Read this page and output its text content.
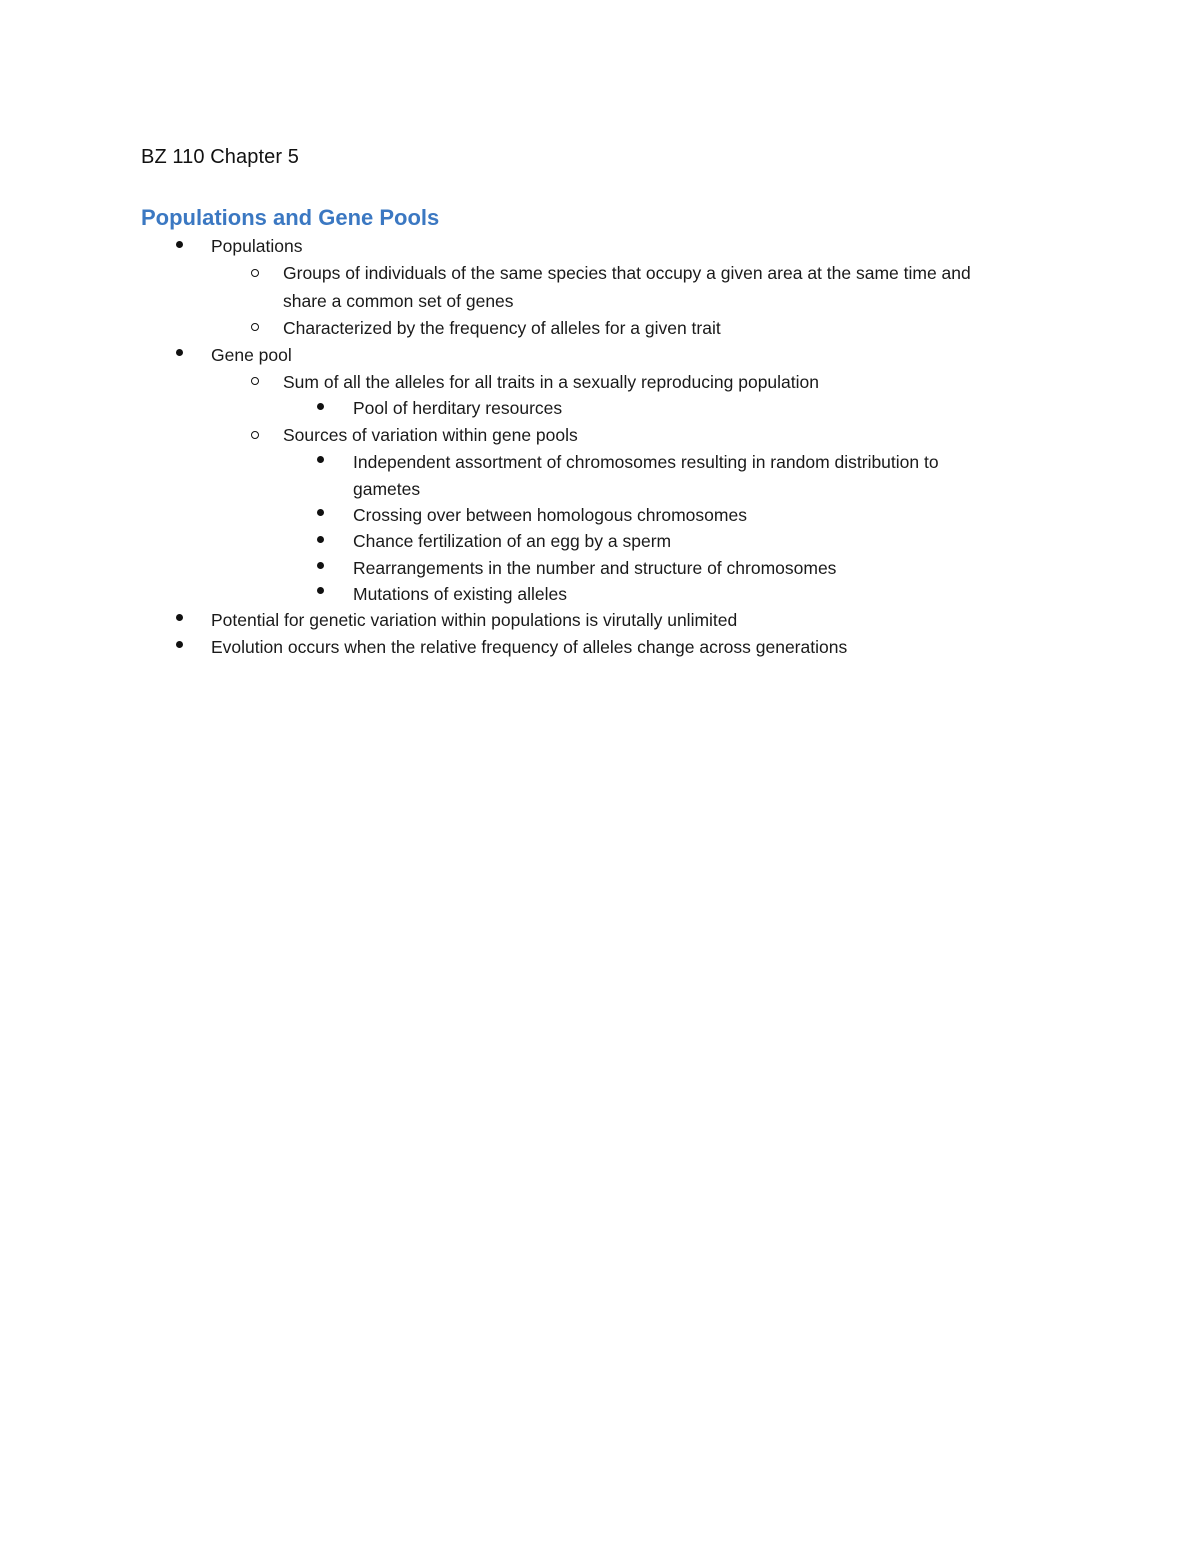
BZ 110 Chapter 5
Populations and Gene Pools
Populations
Groups of individuals of the same species that occupy a given area at the same time and
share a common set of genes
Characterized by the frequency of alleles for a given trait
Gene pool
Sum of all the alleles for all traits in a sexually reproducing population
Pool of herditary resources
Sources of variation within gene pools
Independent assortment of chromosomes resulting in random distribution to
gametes
Crossing over between homologous chromosomes
Chance fertilization of an egg by a sperm
Rearrangements in the number and structure of chromosomes
Mutations of existing alleles
Potential for genetic variation within populations is virutally unlimited
Evolution occurs when the relative frequency of alleles change across generations
